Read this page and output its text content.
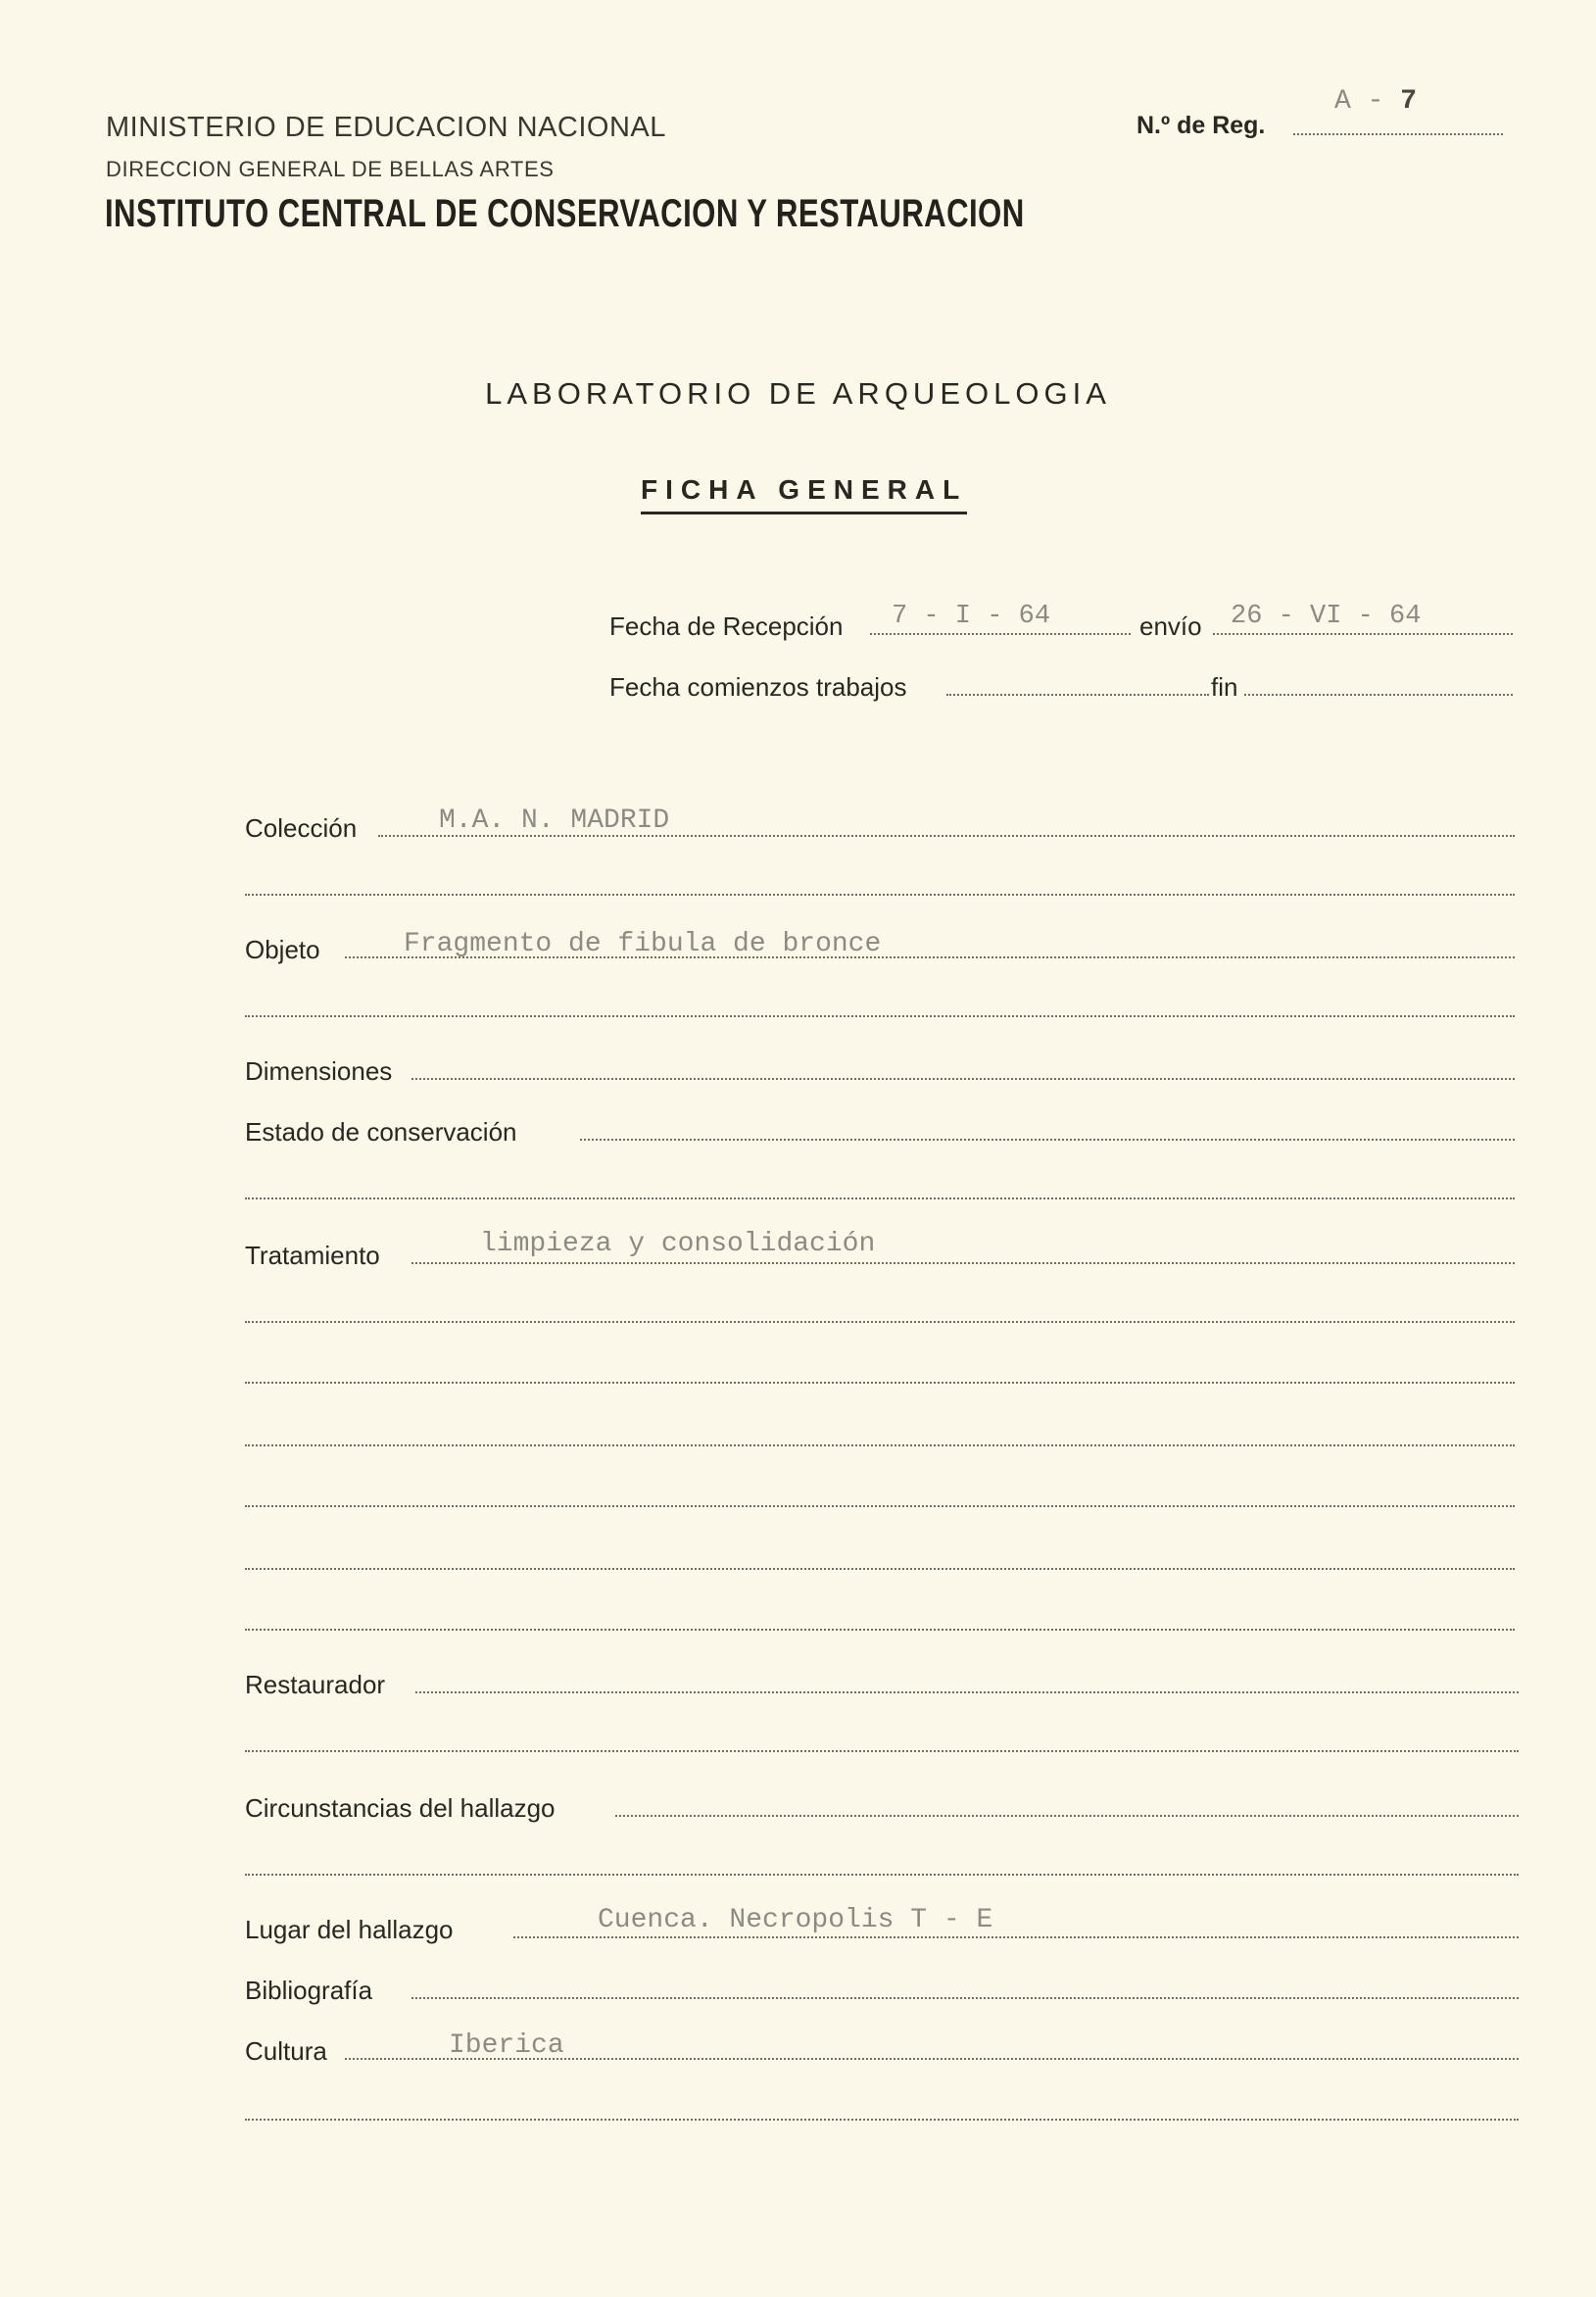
MINISTERIO DE EDUCACION NACIONAL
DIRECCION GENERAL DE BELLAS ARTES
INSTITUTO CENTRAL DE CONSERVACION Y RESTAURACION
N.º de Reg.
A - 7
LABORATORIO DE ARQUEOLOGIA
FICHA GENERAL
Fecha de Recepción 7 - I - 64	envío 26 - VI - 64
Fecha comienzos trabajos	fin
Colección	M.A. N. MADRID
Objeto	Fragmento de fibula de bronce
Dimensiones
Estado de conservación
Tratamiento	limpieza y consolidación
Restaurador
Circunstancias del hallazgo
Lugar del hallazgo	Cuenca. Necropolis T - E
Bibliografía
Cultura	Iberica
